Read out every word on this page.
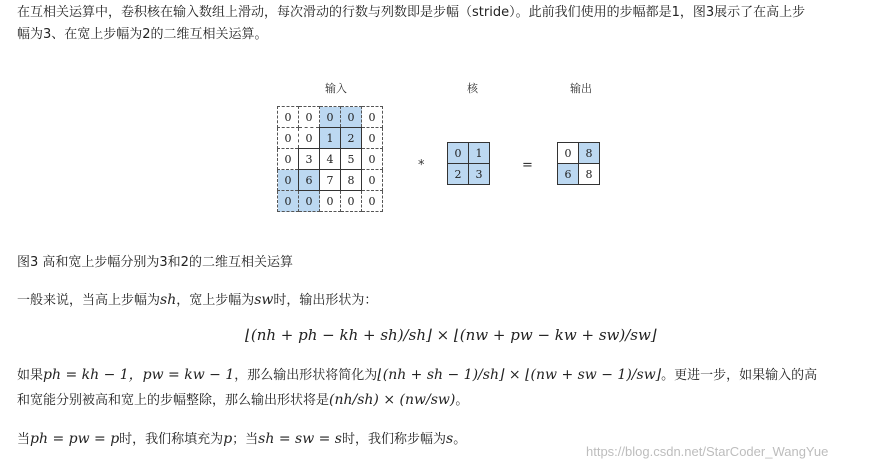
在互相关运算中，卷积核在输入数组上滑动，每次滑动的行数与列数即是步幅（stride）。此前我们使用的步幅都是1，图3展示了在高上步
幅为3、在宽上步幅为2的二维互相关运算。
输入	核	输出
0	0	0	0	0
0	0	1	2	0
0	3	4	5	0
0	6	7	8	0
0	0	0	0	0
*
0	1
2	3
=
0	8
6	8
图3 高和宽上步幅分别为3和2的二维互相关运算
一般来说，当高上步幅为sh，宽上步幅为sw时，输出形状为：
⌊(nh + ph − kh + sh)/sh⌋ × ⌊(nw + pw − kw + sw)/sw⌋
如果ph = kh − 1，pw = kw − 1，那么输出形状将简化为⌊(nh + sh − 1)/sh⌋ × ⌊(nw + sw − 1)/sw⌋。更进一步，如果输入的高
和宽能分别被高和宽上的步幅整除，那么输出形状将是(nh/sh) × (nw/sw)。
当ph = pw = p时，我们称填充为p；当sh = sw = s时，我们称步幅为s。
https://blog.csdn.net/StarCoder_WangYue
